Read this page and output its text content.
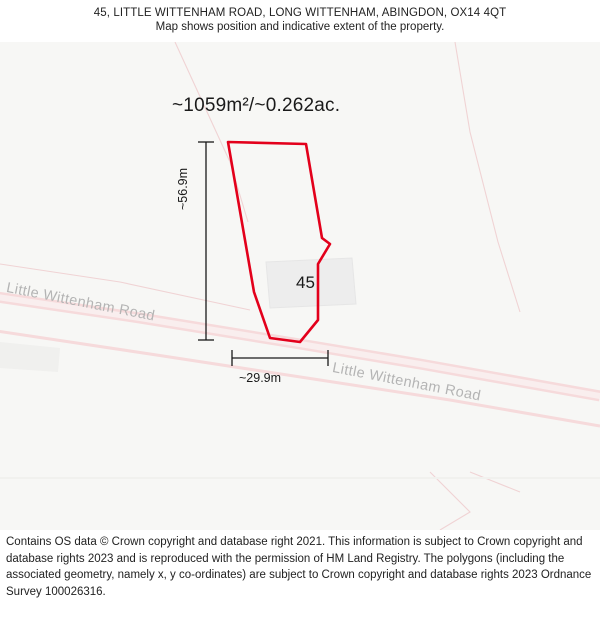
45, LITTLE WITTENHAM ROAD, LONG WITTENHAM, ABINGDON, OX14 4QT
Map shows position and indicative extent of the property.
~1059m²/~0.262ac.
45
~56.9m
~29.9m
Little Wittenham Road
Little Wittenham Road
Contains OS data © Crown copyright and database right 2021. This information is subject to Crown copyright and database rights 2023 and is reproduced with the permission of HM Land Registry. The polygons (including the associated geometry, namely x, y co-ordinates) are subject to Crown copyright and database rights 2023 Ordnance Survey 100026316.
